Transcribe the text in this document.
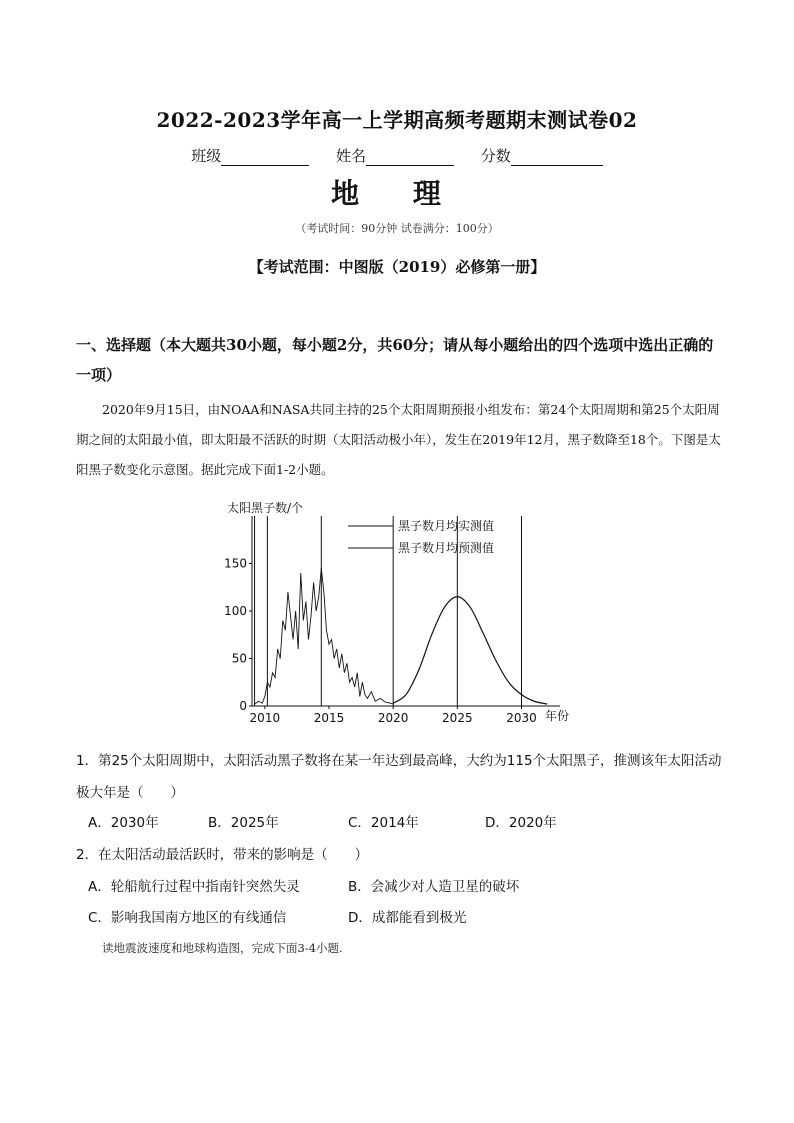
2022-2023学年高一上学期高频考题期末测试卷02
班级	姓名	分数
地 理
（考试时间：90分钟 试卷满分：100分）
【考试范围：中图版（2019）必修第一册】
一、选择题（本大题共30小题，每小题2分，共60分；请从每小题给出的四个选项中选出正确的一项）
2020年9月15日，由NOAA和NASA共同主持的25个太阳周期预报小组发布：第24个太阳周期和第25个太阳周期之间的太阳最小值，即太阳最不活跃的时期（太阳活动极小年），发生在2019年12月，黑子数降至18个。下图是太阳黑子数变化示意图。据此完成下面1-2小题。
太阳黑子数/个
0
50
100
150
2010	2015	2020	2025	2030
黑子数月均实测值
黑子数月均预测值
年份
1．第25个太阳周期中，太阳活动黑子数将在某一年达到最高峰，大约为115个太阳黑子，推测该年太阳活动极大年是（　　）
A．2030年	B．2025年	C．2014年	D．2020年
2．在太阳活动最活跃时，带来的影响是（　　）
A．轮船航行过程中指南针突然失灵	B．会减少对人造卫星的破坏
C．影响我国南方地区的有线通信	D．成都能看到极光
读地震波速度和地球构造图，完成下面3-4小题.
